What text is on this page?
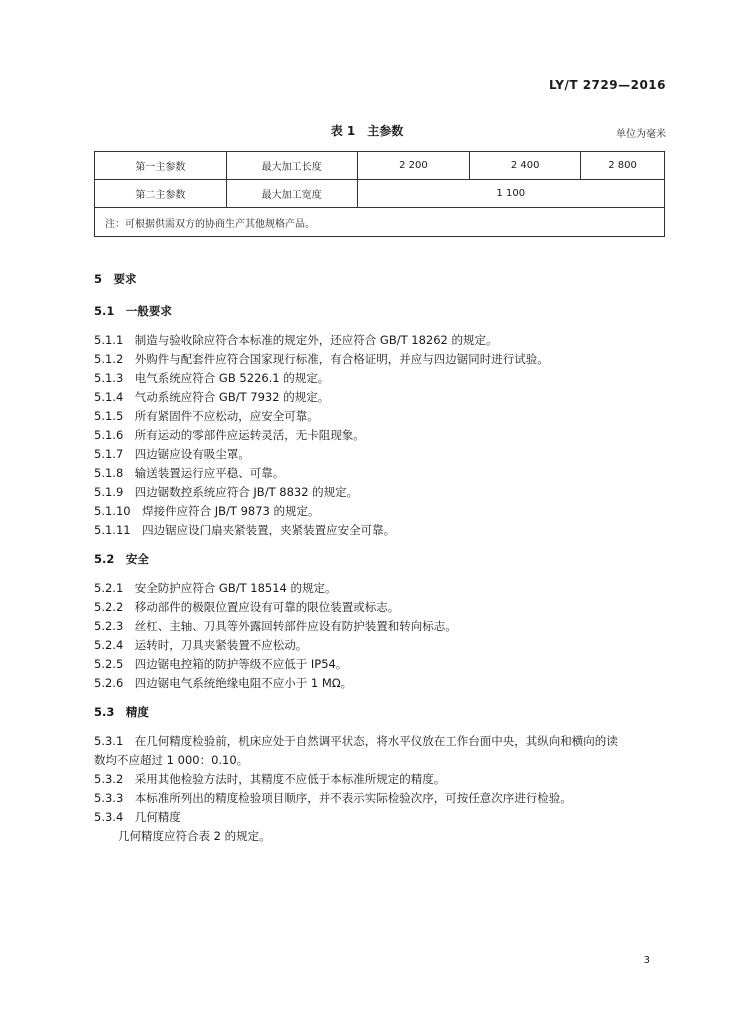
LY/T 2729—2016
表 1　主参数	单位为毫米
第一主参数	最大加工长度	2 200	2 400	2 800
第二主参数	最大加工宽度	1 100		
注：可根据供需双方的协商生产其他规格产品。				
5　 要求
5.1　 一般要求
5.1.1　 制造与验收除应符合本标准的规定外，还应符合 GB/T 18262 的规定。
5.1.2　 外购件与配套件应符合国家现行标准，有合格证明，并应与四边锯同时进行试验。
5.1.3　 电气系统应符合 GB 5226.1 的规定。
5.1.4　 气动系统应符合 GB/T 7932 的规定。
5.1.5　 所有紧固件不应松动，应安全可靠。
5.1.6　 所有运动的零部件应运转灵活，无卡阻现象。
5.1.7　 四边锯应设有吸尘罩。
5.1.8　 输送装置运行应平稳、可靠。
5.1.9　 四边锯数控系统应符合 JB/T 8832 的规定。
5.1.10　 焊接件应符合 JB/T 9873 的规定。
5.1.11　 四边锯应设门扇夹紧装置，夹紧装置应安全可靠。
5.2　 安全
5.2.1　 安全防护应符合 GB/T 18514 的规定。
5.2.2　 移动部件的极限位置应设有可靠的限位装置或标志。
5.2.3　 丝杠、主轴、刀具等外露回转部件应设有防护装置和转向标志。
5.2.4　 运转时，刀具夹紧装置不应松动。
5.2.5　 四边锯电控箱的防护等级不应低于 IP54。
5.2.6　 四边锯电气系统绝缘电阻不应小于 1 MΩ。
5.3　 精度
5.3.1　 在几何精度检验前，机床应处于自然调平状态，将水平仪放在工作台面中央，其纵向和横向的读
数均不应超过 1 000：0.10。
5.3.2　 采用其他检验方法时，其精度不应低于本标准所规定的精度。
5.3.3　 本标准所列出的精度检验项目顺序，并不表示实际检验次序，可按任意次序进行检验。
5.3.4　 几何精度
几何精度应符合表 2 的规定。
3
